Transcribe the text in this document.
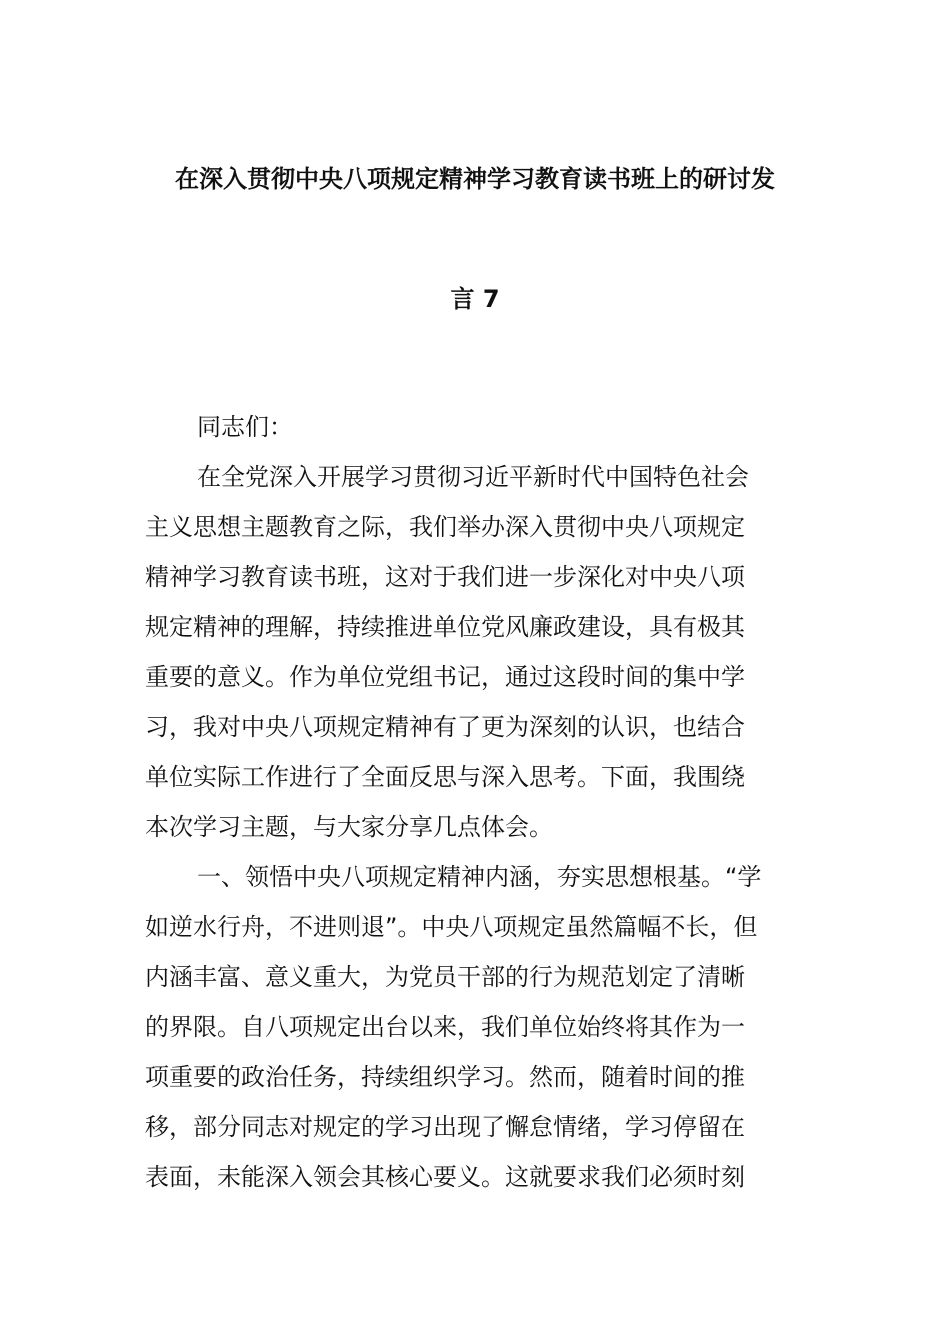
在深入贯彻中央八项规定精神学习教育读书班上的研讨发
言 7
同志们：
在全党深入开展学习贯彻习近平新时代中国特色社会
主义思想主题教育之际，我们举办深入贯彻中央八项规定
精神学习教育读书班，这对于我们进一步深化对中央八项
规定精神的理解，持续推进单位党风廉政建设，具有极其
重要的意义。作为单位党组书记，通过这段时间的集中学
习，我对中央八项规定精神有了更为深刻的认识，也结合
单位实际工作进行了全面反思与深入思考。下面，我围绕
本次学习主题，与大家分享几点体会。
一、领悟中央八项规定精神内涵，夯实思想根基。“学
如逆水行舟，不进则退”。中央八项规定虽然篇幅不长，但
内涵丰富、意义重大，为党员干部的行为规范划定了清晰
的界限。自八项规定出台以来，我们单位始终将其作为一
项重要的政治任务，持续组织学习。然而，随着时间的推
移，部分同志对规定的学习出现了懈怠情绪，学习停留在
表面，未能深入领会其核心要义。这就要求我们必须时刻
